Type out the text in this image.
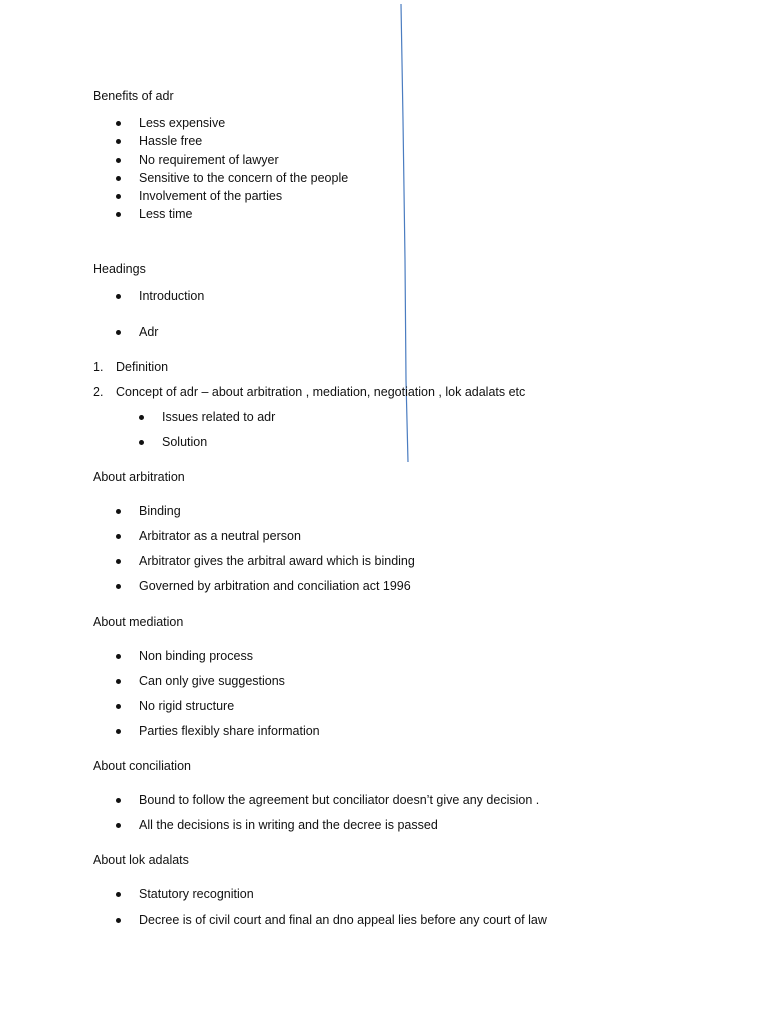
Benefits of adr
Less expensive
Hassle free
No requirement of lawyer
Sensitive to the concern of the people
Involvement of the parties
Less time
Headings
Introduction
Adr
1. Definition
2. Concept of adr – about arbitration , mediation, negotiation , lok adalats etc
Issues related to adr
Solution
About arbitration
Binding
Arbitrator as a neutral person
Arbitrator gives the arbitral award which is binding
Governed by arbitration and conciliation act 1996
About mediation
Non binding process
Can only give suggestions
No rigid structure
Parties flexibly share information
About conciliation
Bound to follow the agreement but conciliator doesn’t give any decision .
All the decisions is in writing and the decree is passed
About lok adalats
Statutory recognition
Decree is of civil court and final an dno appeal lies before any court of law
